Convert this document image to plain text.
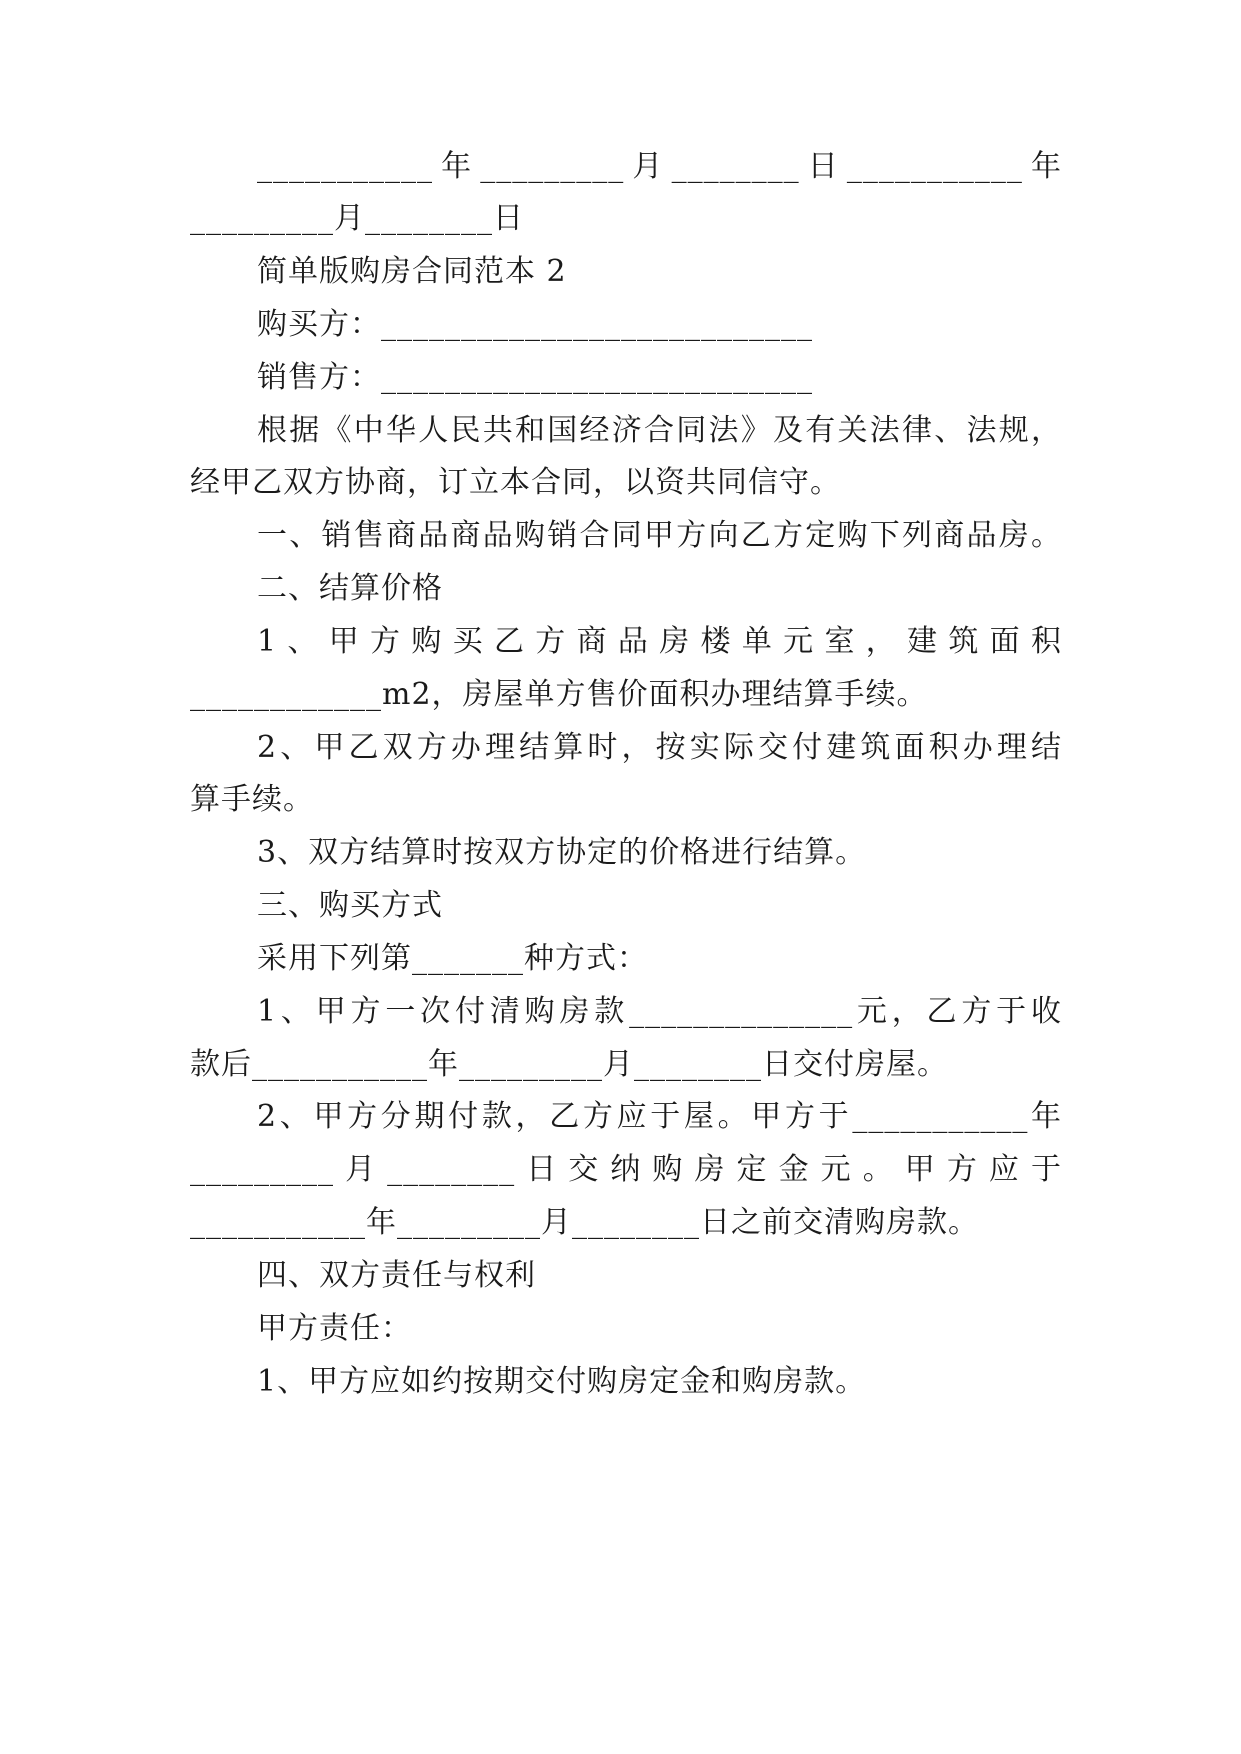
___________年_________月________日___________年
_________月________日
简单版购房合同范本 2
购买方：___________________________
销售方：___________________________
根据《中华人民共和国经济合同法》及有关法律、法规，
经甲乙双方协商，订立本合同，以资共同信守。
一、销售商品商品购销合同甲方向乙方定购下列商品房。
二、结算价格
1、甲方购买乙方商品房楼单元室，建筑面积
____________m2，房屋单方售价面积办理结算手续。
2、甲乙双方办理结算时，按实际交付建筑面积办理结
算手续。
3、双方结算时按双方协定的价格进行结算。
三、购买方式
采用下列第_______种方式：
1、甲方一次付清购房款______________元，乙方于收
款后___________年_________月________日交付房屋。
2、甲方分期付款，乙方应于屋。甲方于___________年
_________月________日交纳购房定金元。甲方应于
___________年_________月________日之前交清购房款。
四、双方责任与权利
甲方责任：
1、甲方应如约按期交付购房定金和购房款。
